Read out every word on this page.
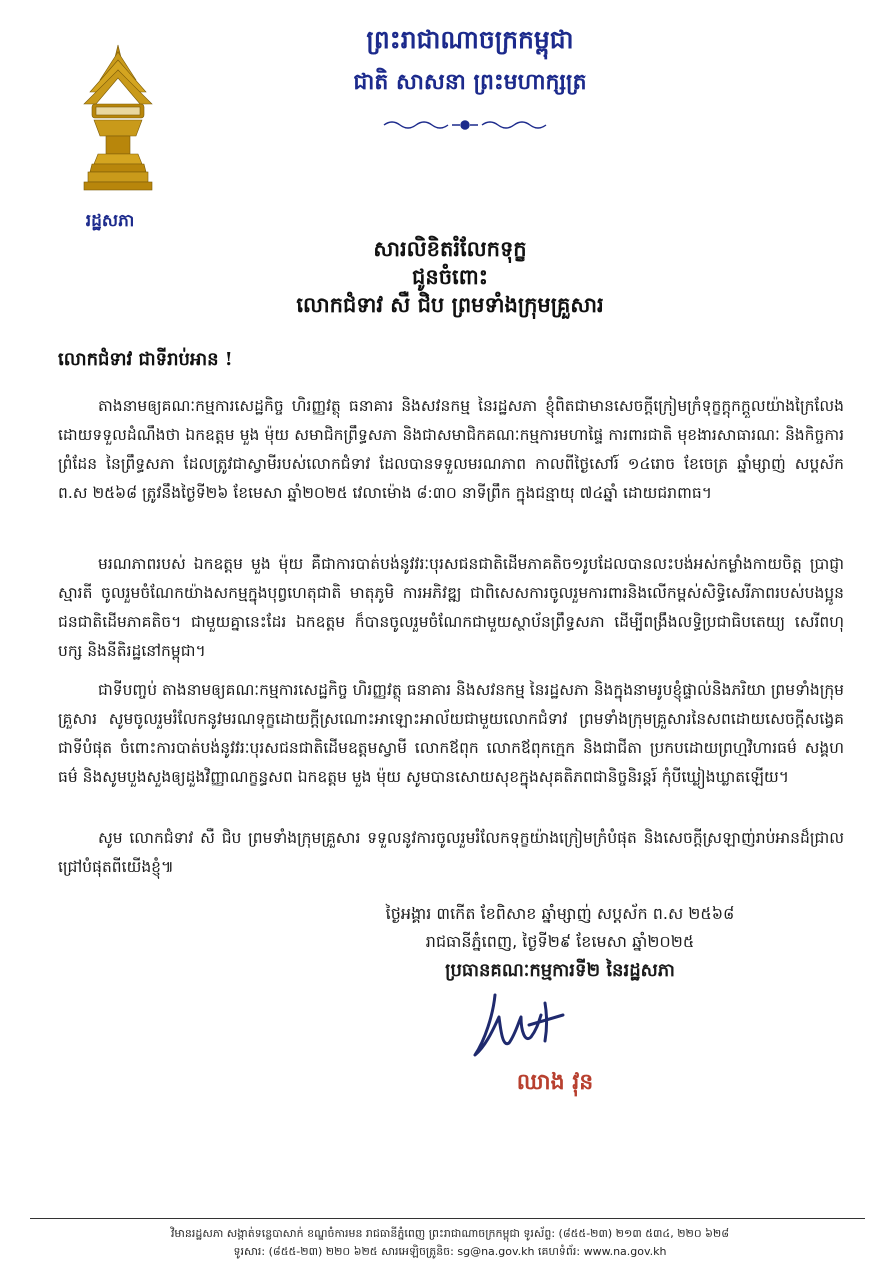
រដ្ឋសភា
ព្រះរាជាណាចក្រកម្ពុជា
ជាតិ សាសនា ព្រះមហាក្សត្រ
សារលិខិតរំលែកទុក្ខ
ជូនចំពោះ
លោកជំទាវ សឺ ជិប ព្រមទាំងក្រុមគ្រួសារ
លោកជំទាវ ជាទីរាប់អាន !
តាងនាមឲ្យគណៈកម្មការសេដ្ឋកិច្ច ហិរញ្ញវត្ថុ ធនាគារ និងសវនកម្ម នៃរដ្ឋសភា ខ្ញុំពិតជាមានសេចក្តីក្រៀមក្រំទុក្ខក្តុកក្តួលយ៉ាងក្រៃលែង ដោយទទួលដំណឹងថា ឯកឧត្តម មួង ម៉ុយ សមាជិកព្រឹទ្ធសភា និងជាសមាជិកគណៈកម្មការមហាផ្ទៃ ការពារជាតិ មុខងារសាធារណៈ និងកិច្ចការព្រំដែន នៃព្រឹទ្ធសភា ដែលត្រូវជាស្វាមីរបស់លោកជំទាវ ដែលបានទទួលមរណភាព កាលពីថ្ងៃសៅរ៍ ១៤រោច ខែចេត្រ ឆ្នាំម្សាញ់ សប្តស័ក ព.ស ២៥៦៨ ត្រូវនឹងថ្ងៃទី២៦ ខែមេសា ឆ្នាំ២០២៥ វេលាម៉ោង ៨:៣០ នាទីព្រឹក ក្នុងជន្មាយុ ៧៤ឆ្នាំ ដោយជរាពាធ។
មរណភាពរបស់ ឯកឧត្តម មួង ម៉ុយ គឺជាការបាត់បង់នូវវរៈបុរសជនជាតិដើមភាគតិច១រូបដែលបានលះបង់អស់កម្លាំងកាយចិត្ត ប្រាជ្ញា ស្មារតី ចូលរួមចំណែកយ៉ាងសកម្មក្នុងបុព្វហេតុជាតិ មាតុភូមិ ការអភិវឌ្ឍ ជាពិសេសការចូលរួមការពារនិងលើកម្ពស់សិទ្ធិសេរីភាពរបស់បងប្អូនជនជាតិដើមភាគតិច។ ជាមួយគ្នានេះដែរ ឯកឧត្តម ក៏បានចូលរួមចំណែកជាមួយស្ថាប័នព្រឹទ្ធសភា ដើម្បីពង្រឹងលទ្ធិប្រជាធិបតេយ្យ សេរីពហុបក្ស និងនីតិរដ្ឋនៅកម្ពុជា។
ជាទីបញ្ចប់ តាងនាមឲ្យគណៈកម្មការសេដ្ឋកិច្ច ហិរញ្ញវត្ថុ ធនាគារ និងសវនកម្ម នៃរដ្ឋសភា និងក្នុងនាមរូបខ្ញុំផ្ទាល់និងភរិយា ព្រមទាំងក្រុមគ្រួសារ សូមចូលរួមរំលែកនូវមរណទុក្ខដោយក្តីស្រណោះអាឡោះអាល័យជាមួយលោកជំទាវ ព្រមទាំងក្រុមគ្រួសារនៃសពដោយសេចក្តីសង្វេគជាទីបំផុត ចំពោះការបាត់បង់នូវវរៈបុរសជនជាតិដើមឧត្តមស្វាមី លោកឪពុក លោកឪពុកក្មេក និងជាជីតា ប្រកបដោយព្រហ្មវិហារធម៌ សង្គហធម៌ និងសូមបួងសួងឲ្យដួងវិញ្ញាណក្ខន្ធសព ឯកឧត្តម មួង ម៉ុយ សូមបានសោយសុខក្នុងសុគតិភពជានិច្ចនិរន្តរ៍ កុំបីឃ្លៀងឃ្លាតឡើយ។
សូម លោកជំទាវ សឺ ជិប ព្រមទាំងក្រុមគ្រួសារ ទទួលនូវការចូលរួមរំលែកទុក្ខយ៉ាងក្រៀមក្រំបំផុត និងសេចក្តីស្រឡាញ់រាប់អានដ៏ជ្រាលជ្រៅបំផុតពីយើងខ្ញុំ៕
ថ្ងៃអង្គារ ៣កើត ខែពិសាខ ឆ្នាំម្សាញ់ សប្តស័ក ព.ស ២៥៦៨
រាជធានីភ្នំពេញ, ថ្ងៃទី២៩ ខែមេសា ឆ្នាំ២០២៥
ប្រធានគណៈកម្មការទី២ នៃរដ្ឋសភា
ឈាង វុន
វិមានរដ្ឋសភា សង្កាត់ទន្លេបាសាក់ ខណ្ឌចំការមន រាជធានីភ្នំពេញ ព្រះរាជាណាចក្រកម្ពុជា ទូរស័ព្ទ: (៨៥៥-២៣) ២១៣ ៥៣៤, ២២០ ៦២៨
ទូរសារ: (៨៥៥-២៣) ២២០ ៦២៥ សារអេឡិចត្រូនិច: sg@na.gov.kh គេហទំព័រ: www.na.gov.kh
